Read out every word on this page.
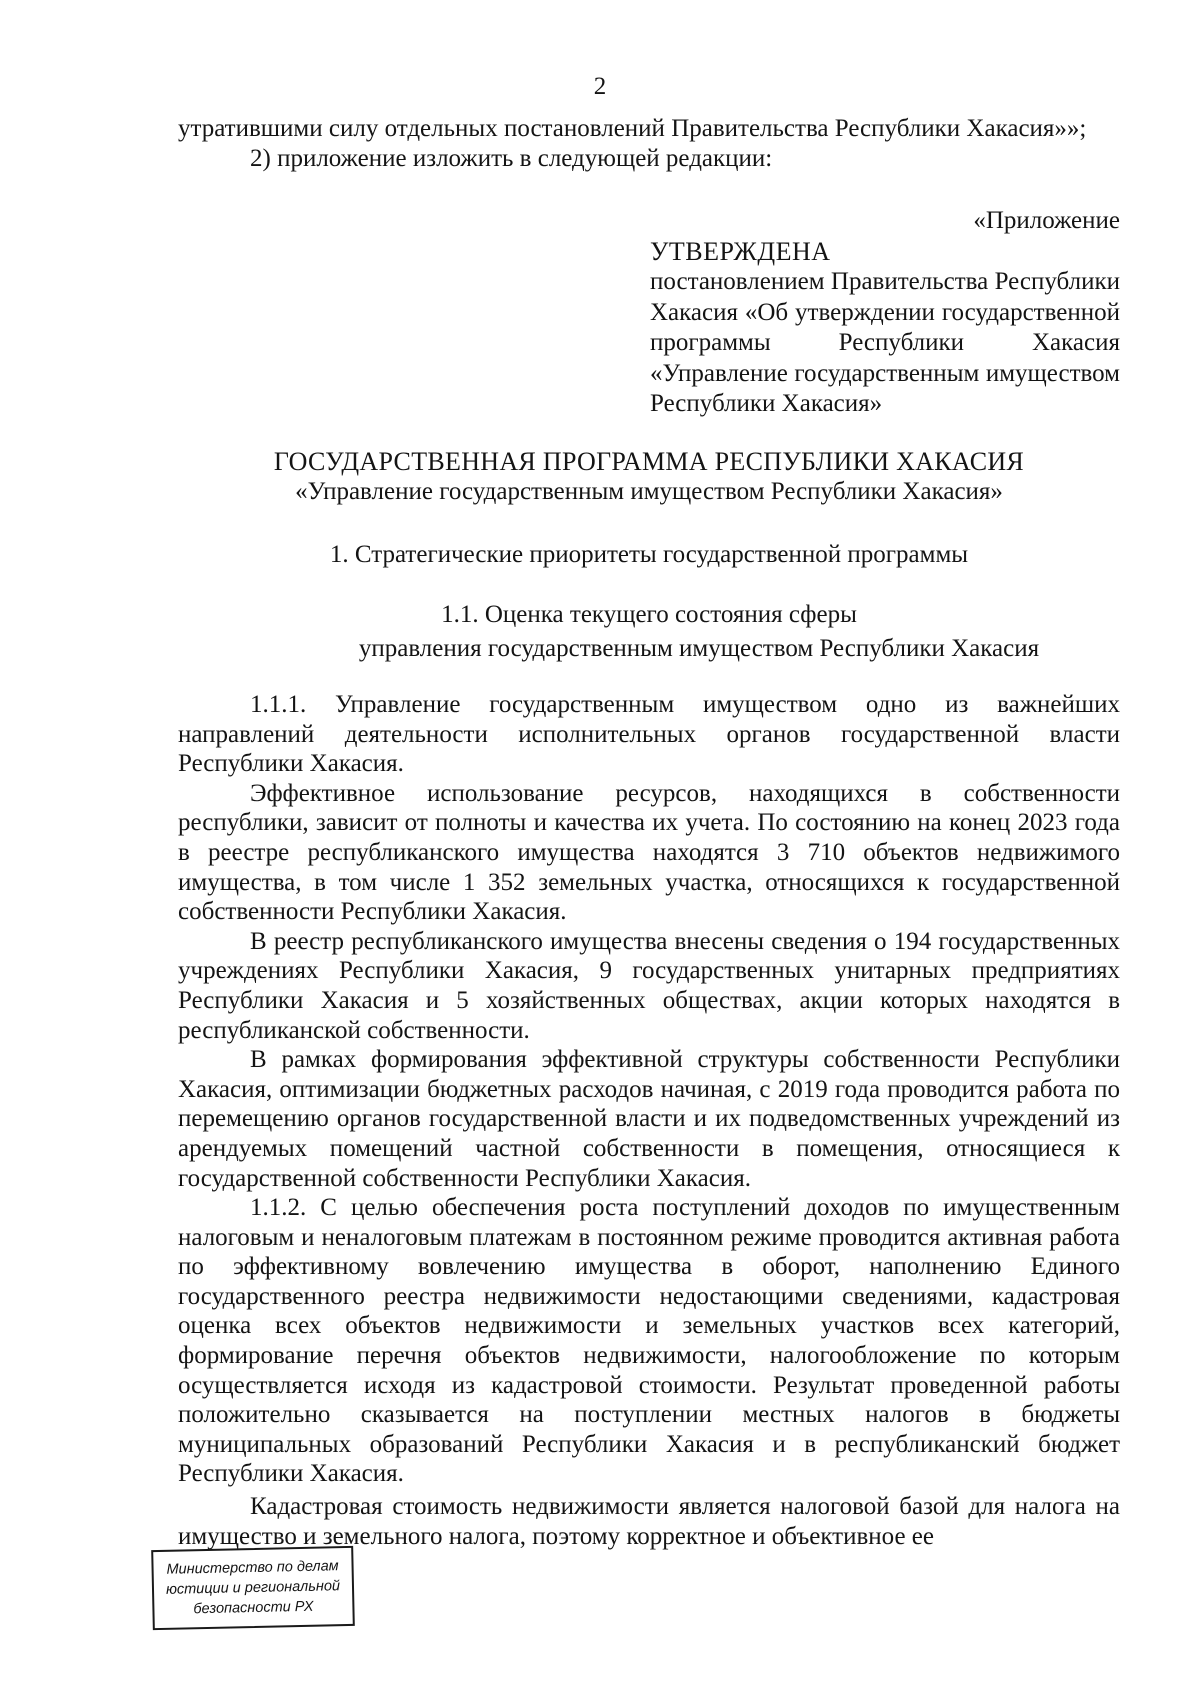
2

утратившими силу отдельных постановлений Правительства Республики Хакасия»»;

2) приложение изложить в следующей редакции:

«Приложение
УТВЕРЖДЕНА
постановлением Правительства Республики Хакасия «Об утверждении государственной программы Республики Хакасия «Управление государственным имуществом Республики Хакасия»
ГОСУДАРСТВЕННАЯ ПРОГРАММА РЕСПУБЛИКИ ХАКАСИЯ
«Управление государственным имуществом Республики Хакасия»
1. Стратегические приоритеты государственной программы
1.1. Оценка текущего состояния сферы
управления государственным имуществом Республики Хакасия

1.1.1. Управление государственным имуществом одно из важнейших направлений деятельности исполнительных органов государственной власти Республики Хакасия.

Эффективное использование ресурсов, находящихся в собственности республики, зависит от полноты и качества их учета. По состоянию на конец 2023 года в реестре республиканского имущества находятся 3 710 объектов недвижимого имущества, в том числе 1 352 земельных участка, относящихся к государственной собственности Республики Хакасия.

В реестр республиканского имущества внесены сведения о 194 государственных учреждениях Республики Хакасия, 9 государственных унитарных предприятиях Республики Хакасия и 5 хозяйственных обществах, акции которых находятся в республиканской собственности.

В рамках формирования эффективной структуры собственности Республики Хакасия, оптимизации бюджетных расходов начиная, с 2019 года проводится работа по перемещению органов государственной власти и их подведомственных учреждений из арендуемых помещений частной собственности в помещения, относящиеся к государственной собственности Республики Хакасия.

1.1.2. С целью обеспечения роста поступлений доходов по имущественным налоговым и неналоговым платежам в постоянном режиме проводится активная работа по эффективному вовлечению имущества в оборот, наполнению Единого государственного реестра недвижимости недостающими сведениями, кадастровая оценка всех объектов недвижимости и земельных участков всех категорий, формирование перечня объектов недвижимости, налогообложение по которым осуществляется исходя из кадастровой стоимости. Результат проведенной работы положительно сказывается на поступлении местных налогов в бюджеты муниципальных образований Республики Хакасия и в республиканский бюджет Республики Хакасия.

Кадастровая стоимость недвижимости является налоговой базой для налога на имущество и земельного налога, поэтому корректное и объективное ее

Министерство по делам
юстиции и региональной
безопасности РХ
